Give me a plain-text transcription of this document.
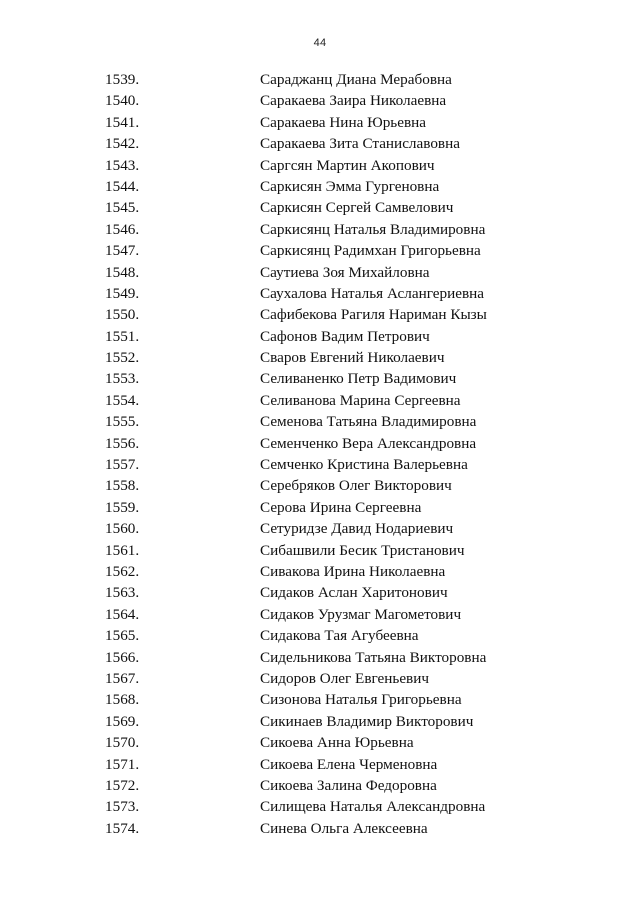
44
1539.	Сараджанц Диана Мерабовна
1540.	Саракаева Заира Николаевна
1541.	Саракаева Нина Юрьевна
1542.	Саракаева Зита Станиславовна
1543.	Саргсян Мартин Акопович
1544.	Саркисян Эмма Гургеновна
1545.	Саркисян Сергей Самвелович
1546.	Саркисянц Наталья Владимировна
1547.	Саркисянц Радимхан Григорьевна
1548.	Саутиева Зоя Михайловна
1549.	Саухалова Наталья Аслангериевна
1550.	Сафибекова Рагиля Нариман Кызы
1551.	Сафонов Вадим Петрович
1552.	Сваров Евгений Николаевич
1553.	Селиваненко Петр Вадимович
1554.	Селиванова Марина Сергеевна
1555.	Семенова Татьяна Владимировна
1556.	Семенченко Вера Александровна
1557.	Семченко Кристина Валерьевна
1558.	Серебряков Олег Викторович
1559.	Серова Ирина Сергеевна
1560.	Сетуридзе Давид Нодариевич
1561.	Сибашвили Бесик Тристанович
1562.	Сивакова Ирина Николаевна
1563.	Сидаков Аслан Харитонович
1564.	Сидаков Урузмаг Магометович
1565.	Сидакова Тая Агубеевна
1566.	Сидельникова Татьяна Викторовна
1567.	Сидоров Олег Евгеньевич
1568.	Сизонова Наталья Григорьевна
1569.	Сикинаев Владимир Викторович
1570.	Сикоева Анна Юрьевна
1571.	Сикоева Елена Черменовна
1572.	Сикоева Залина Федоровна
1573.	Силищева Наталья Александровна
1574.	Синева Ольга Алексеевна
